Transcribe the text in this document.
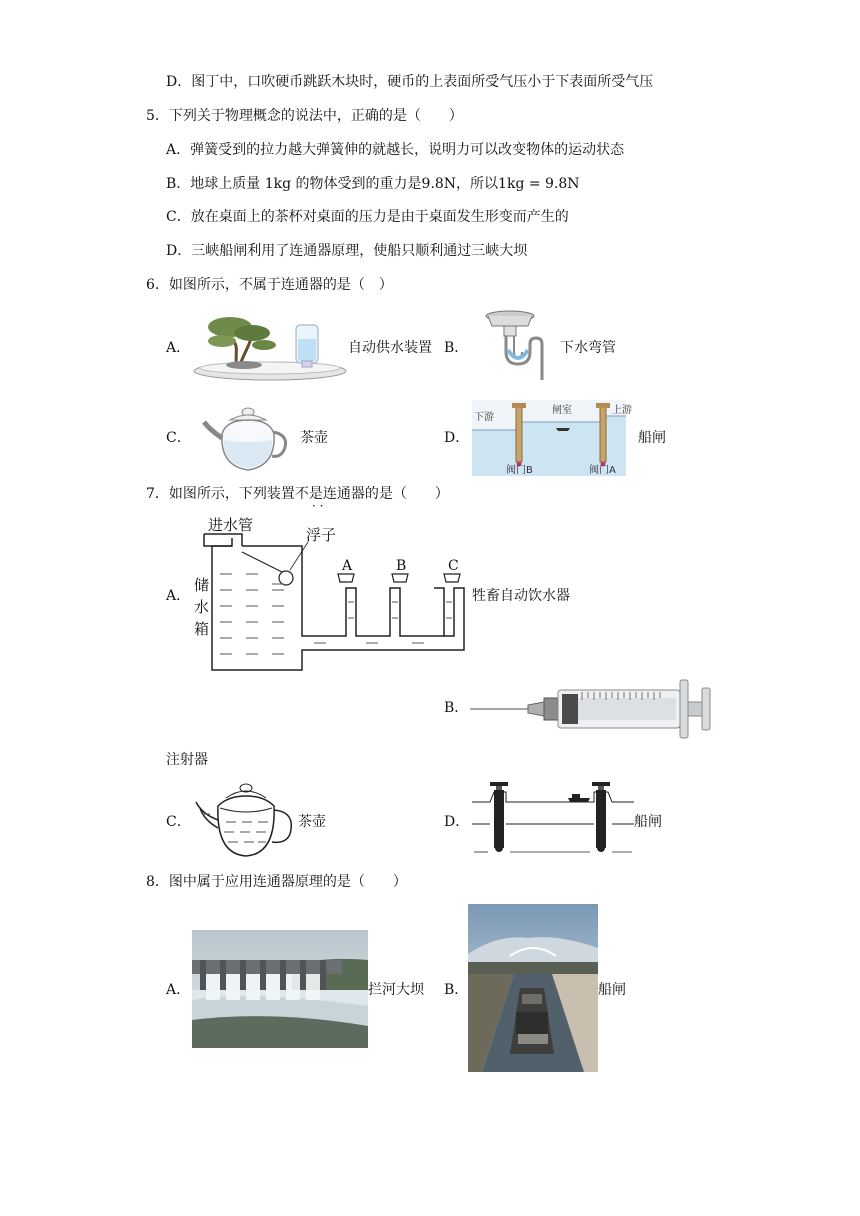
D．图丁中，口吹硬币跳跃木块时，硬币的上表面所受气压小于下表面所受气压
5．下列关于物理概念的说法中，正确的是（　　）
A．弹簧受到的拉力越大弹簧伸的就越长，说明力可以改变物体的运动状态
B．地球上质量 1kg 的物体受到的重力是9.8N，所以1kg = 9.8N
C．放在桌面上的茶杯对桌面的压力是由于桌面发生形变而产生的
D．三峡船闸利用了连通器原理，使船只顺利通过三峡大坝
6．如图所示，不属于连通器的是（　）
A．	自动供水装置 B．	下水弯管
C．	茶壶	D．
下游
闸室	上游
阀门B	阀门A
船闸
7．如图所示，下列装置不是连通器的是（　　）
· ·
A．
进水管
浮子
储
水
箱
A	B	C
牲畜自动饮水器
B．
注射器
C．	茶壶	D．	船闸
8．图中属于应用连通器原理的是（　　）
A．	拦河大坝 B．	船闸
